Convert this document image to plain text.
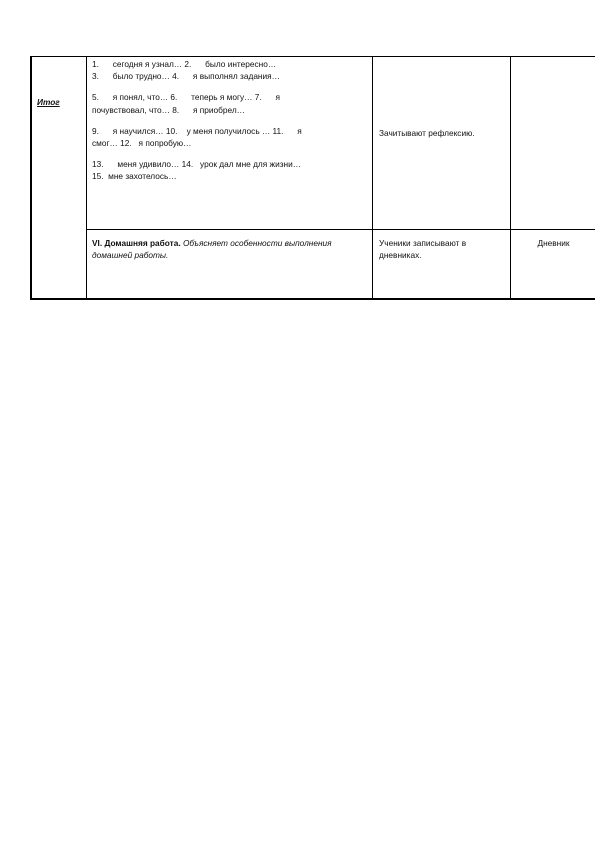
Итог

1.      сегодня я узнал… 2.      было интересно…

3.      было трудно… 4.      я выполнял задания…

5.      я понял, что… 6.      теперь я могу… 7.      я

почувствовал, что… 8.      я приобрел…

9.      я научился… 10.    у меня получилось … 11.      я

смог… 12.   я попробую…

13.      меня удивило… 14.   урок дал мне для жизни…

15.  мне захотелось…

Зачитывают рефлексию.
VI. Домашняя работа. Объясняет особенности выполнения домашней работы.
Ученики записывают в дневниках.
Дневник
